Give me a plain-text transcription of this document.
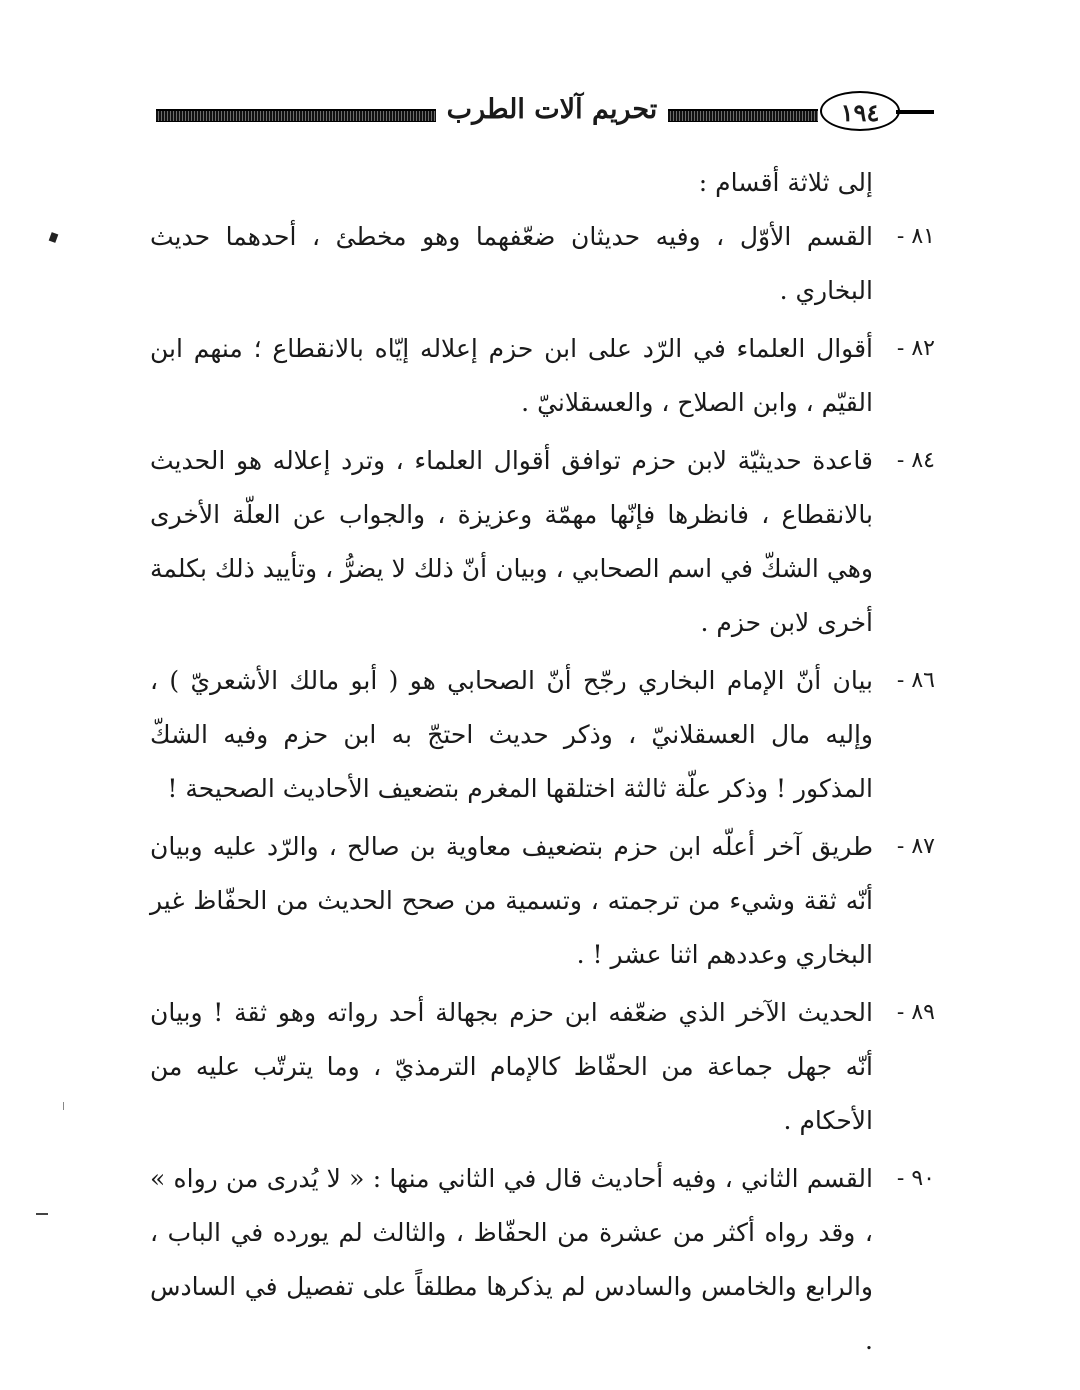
تحريم آلات الطرب	١٩٤
إلى ثلاثة أقسام :
٨١ -
القسم الأوّل ، وفيه حديثان ضعّفهما وهو مخطئ ، أحدهما حديث البخاري .
٨٢ -
أقوال العلماء في الرّد على ابن حزم إعلاله إيّاه بالانقطاع ؛ منهم ابن القيّم ، وابن الصلاح ، والعسقلانيّ .
٨٤ -
قاعدة حديثيّة لابن حزم توافق أقوال العلماء ، وترد إعلاله هو الحديث بالانقطاع ، فانظرها فإنّها مهمّة وعزيزة ، والجواب عن العلّة الأخرى وهي الشكّ في اسم الصحابي ، وبيان أنّ ذلك لا يضرُّ ، وتأييد ذلك بكلمة أخرى لابن حزم .
٨٦ -
بيان أنّ الإمام البخاري رجّح أنّ الصحابي هو ( أبو مالك الأشعريّ ) ، وإليه مال العسقلانيّ ، وذكر حديث احتجّ به ابن حزم وفيه الشكّ المذكور ! وذكر علّة ثالثة اختلقها المغرم بتضعيف الأحاديث الصحيحة !
٨٧ -
طريق آخر أعلّه ابن حزم بتضعيف معاوية بن صالح ، والرّد عليه وبيان أنّه ثقة وشيء من ترجمته ، وتسمية من صحح الحديث من الحفّاظ غير البخاري وعددهم اثنا عشر ! .
٨٩ -
الحديث الآخر الذي ضعّفه ابن حزم بجهالة أحد رواته وهو ثقة ! وبيان أنّه جهل جماعة من الحفّاظ كالإمام الترمذيّ ، وما يترتّب عليه من الأحكام .
٩٠ -
القسم الثاني ، وفيه أحاديث قال في الثاني منها : « لا يُدرى من رواه » ، وقد رواه أكثر من عشرة من الحفّاظ ، والثالث لم يورده في الباب ، والرابع والخامس والسادس لم يذكرها مطلقاً على تفصيل في السادس .
